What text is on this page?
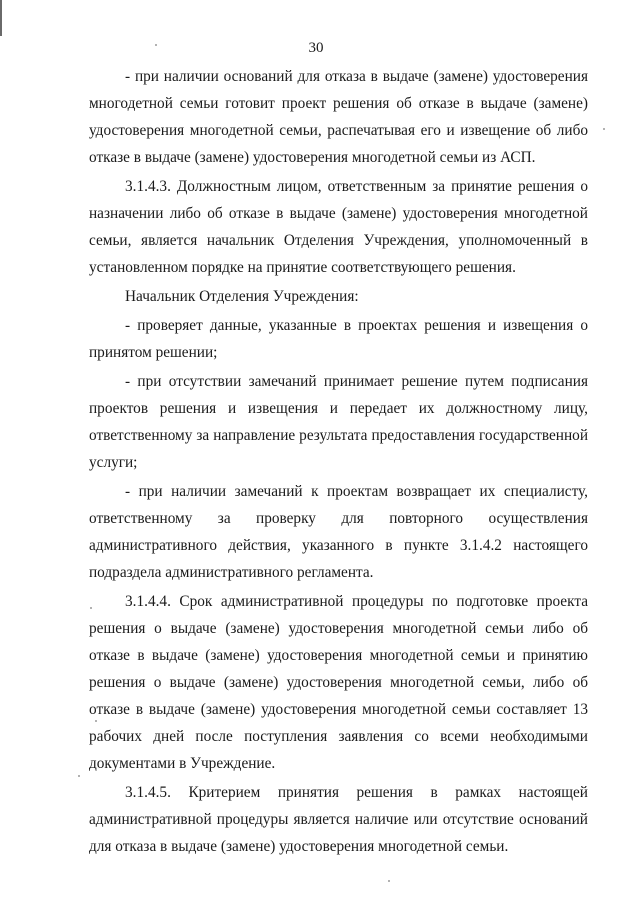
30

- при наличии оснований для отказа в выдаче (замене) удостоверения многодетной семьи готовит проект решения об отказе в выдаче (замене) удостоверения многодетной семьи, распечатывая его и извещение об либо отказе в выдаче (замене) удостоверения многодетной семьи из АСП.

3.1.4.3. Должностным лицом, ответственным за принятие решения о назначении либо об отказе в выдаче (замене) удостоверения многодетной семьи, является начальник Отделения Учреждения, уполномоченный в установленном порядке на принятие соответствующего решения.

Начальник Отделения Учреждения:

- проверяет данные, указанные в проектах решения и извещения о принятом решении;

- при отсутствии замечаний принимает решение путем подписания проектов решения и извещения и передает их должностному лицу, ответственному за направление результата предоставления государственной услуги;

- при наличии замечаний к проектам возвращает их специалисту, ответственному за проверку для повторного осуществления административного действия, указанного в пункте 3.1.4.2 настоящего подраздела административного регламента.

3.1.4.4. Срок административной процедуры по подготовке проекта решения о выдаче (замене) удостоверения многодетной семьи либо об отказе в выдаче (замене) удостоверения многодетной семьи и принятию решения о выдаче (замене) удостоверения многодетной семьи, либо об отказе в выдаче (замене) удостоверения многодетной семьи составляет 13 рабочих дней после поступления заявления со всеми необходимыми документами в Учреждение.

3.1.4.5. Критерием принятия решения в рамках настоящей административной процедуры является наличие или отсутствие оснований для отказа в выдаче (замене) удостоверения многодетной семьи.
